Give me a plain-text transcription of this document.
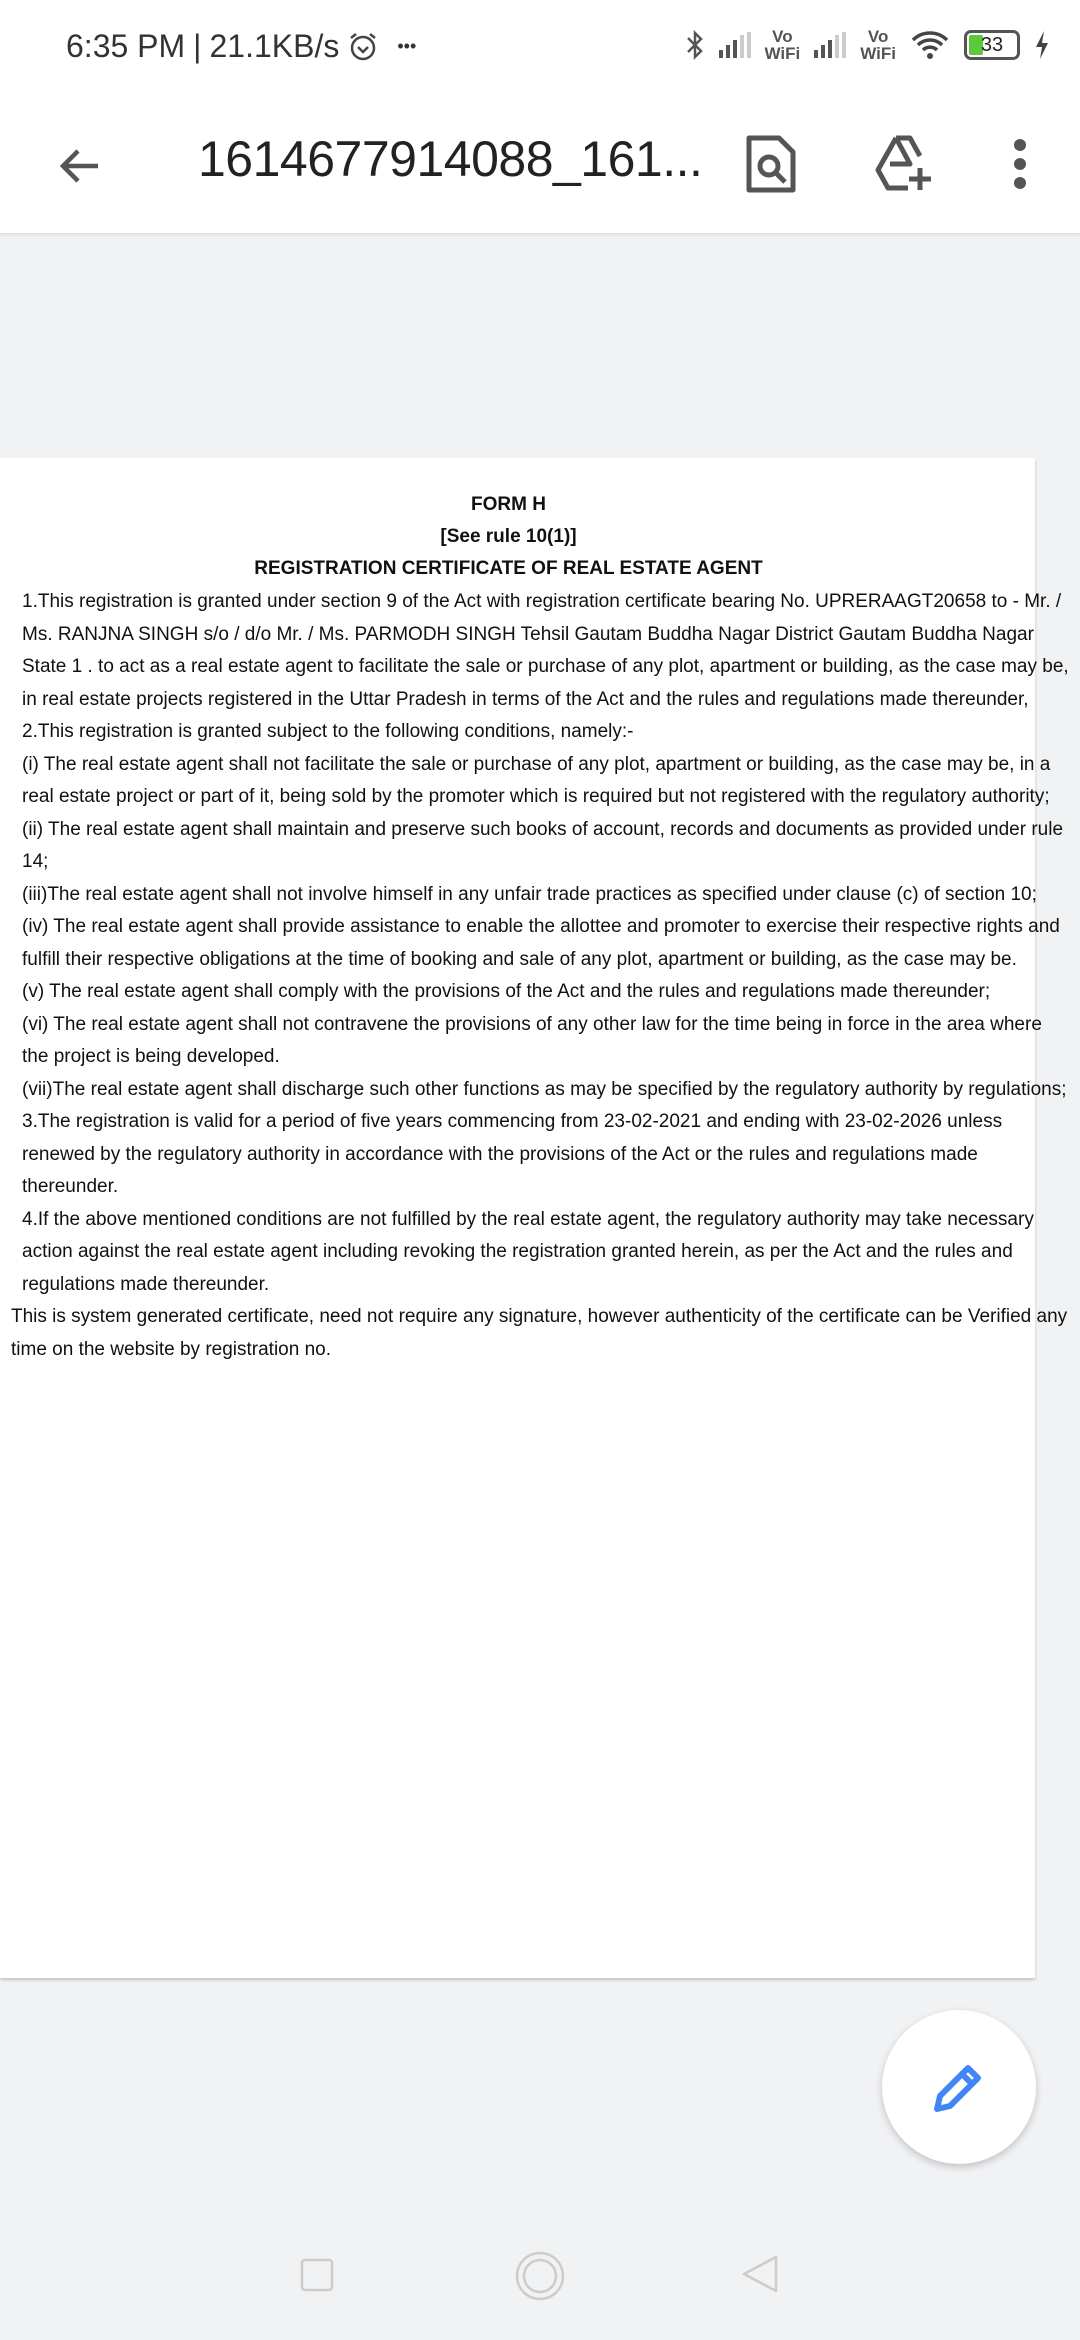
6:35 PM | 21.1KB/s	•••	Vo
WiFi
Vo
WiFi	33
1614677914088_161...
FORM H
[See rule 10(1)]
REGISTRATION CERTIFICATE OF REAL ESTATE AGENT
1.This registration is granted under section 9 of the Act with registration certificate bearing No. UPRERAAGT20658 to - Mr. /
Ms. RANJNA SINGH s/o / d/o Mr. / Ms. PARMODH SINGH Tehsil Gautam Buddha Nagar District Gautam Buddha Nagar
State 1 . to act as a real estate agent to facilitate the sale or purchase of any plot, apartment or building, as the case may be,
in real estate projects registered in the Uttar Pradesh in terms of the Act and the rules and regulations made thereunder,
2.This registration is granted subject to the following conditions, namely:-
(i) The real estate agent shall not facilitate the sale or purchase of any plot, apartment or building, as the case may be, in a
real estate project or part of it, being sold by the promoter which is required but not registered with the regulatory authority;
(ii) The real estate agent shall maintain and preserve such books of account, records and documents as provided under rule
14;
(iii)The real estate agent shall not involve himself in any unfair trade practices as specified under clause (c) of section 10;
(iv) The real estate agent shall provide assistance to enable the allottee and promoter to exercise their respective rights and
fulfill their respective obligations at the time of booking and sale of any plot, apartment or building, as the case may be.
(v) The real estate agent shall comply with the provisions of the Act and the rules and regulations made thereunder;
(vi) The real estate agent shall not contravene the provisions of any other law for the time being in force in the area where
the project is being developed.
(vii)The real estate agent shall discharge such other functions as may be specified by the regulatory authority by regulations;
3.The registration is valid for a period of five years commencing from 23-02-2021 and ending with 23-02-2026 unless
renewed by the regulatory authority in accordance with the provisions of the Act or the rules and regulations made
thereunder.
4.If the above mentioned conditions are not fulfilled by the real estate agent, the regulatory authority may take necessary
action against the real estate agent including revoking the registration granted herein, as per the Act and the rules and
regulations made thereunder.
This is system generated certificate, need not require any signature, however authenticity of the certificate can be Verified any
time on the website by registration no.
